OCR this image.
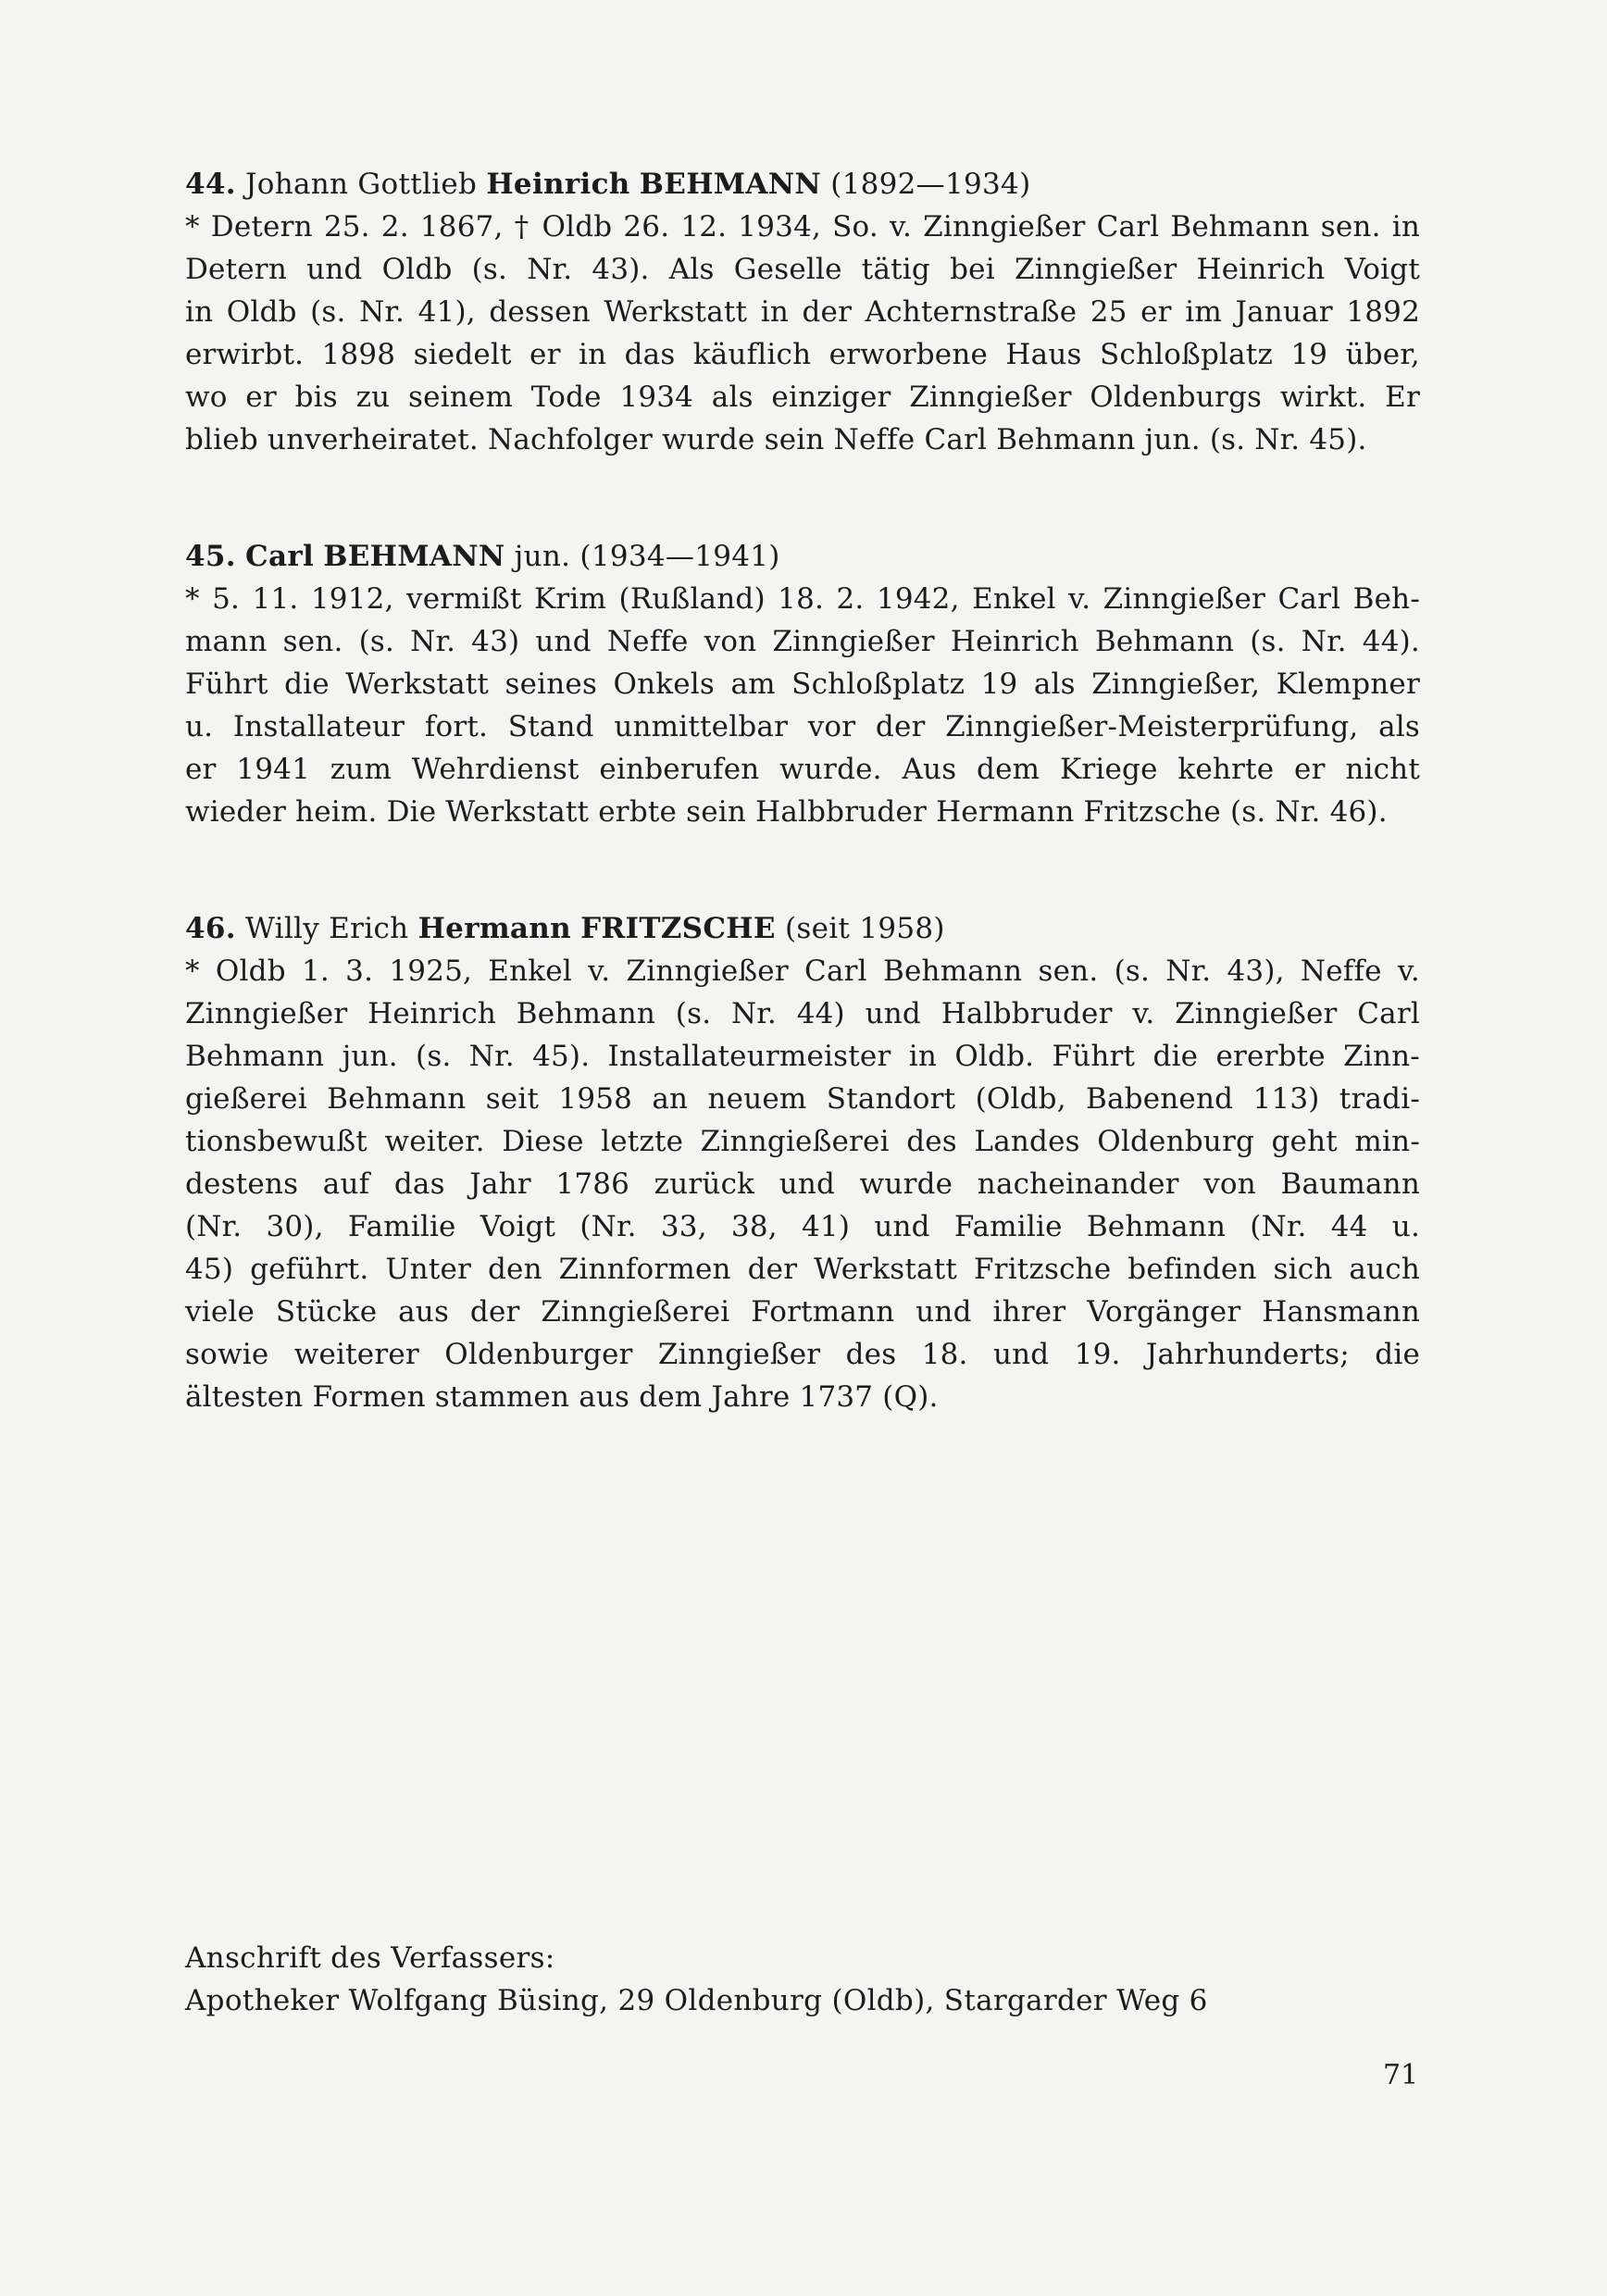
44. Johann Gottlieb Heinrich BEHMANN (1892—1934)
* Detern 25. 2. 1867, † Oldb 26. 12. 1934, So. v. Zinngießer Carl Behmann sen. in
Detern und Oldb (s. Nr. 43). Als Geselle tätig bei Zinngießer Heinrich Voigt
in Oldb (s. Nr. 41), dessen Werkstatt in der Achternstraße 25 er im Januar 1892
erwirbt. 1898 siedelt er in das käuflich erworbene Haus Schloßplatz 19 über,
wo er bis zu seinem Tode 1934 als einziger Zinngießer Oldenburgs wirkt. Er
blieb unverheiratet. Nachfolger wurde sein Neffe Carl Behmann jun. (s. Nr. 45).
45. Carl BEHMANN jun. (1934—1941)
* 5. 11. 1912, vermißt Krim (Rußland) 18. 2. 1942, Enkel v. Zinngießer Carl Beh-
mann sen. (s. Nr. 43) und Neffe von Zinngießer Heinrich Behmann (s. Nr. 44).
Führt die Werkstatt seines Onkels am Schloßplatz 19 als Zinngießer, Klempner
u. Installateur fort. Stand unmittelbar vor der Zinngießer-Meisterprüfung, als
er 1941 zum Wehrdienst einberufen wurde. Aus dem Kriege kehrte er nicht
wieder heim. Die Werkstatt erbte sein Halbbruder Hermann Fritzsche (s. Nr. 46).
46. Willy Erich Hermann FRITZSCHE (seit 1958)
* Oldb 1. 3. 1925, Enkel v. Zinngießer Carl Behmann sen. (s. Nr. 43), Neffe v.
Zinngießer Heinrich Behmann (s. Nr. 44) und Halbbruder v. Zinngießer Carl
Behmann jun. (s. Nr. 45). Installateurmeister in Oldb. Führt die ererbte Zinn-
gießerei Behmann seit 1958 an neuem Standort (Oldb, Babenend 113) tradi-
tionsbewußt weiter. Diese letzte Zinngießerei des Landes Oldenburg geht min-
destens auf das Jahr 1786 zurück und wurde nacheinander von Baumann
(Nr. 30), Familie Voigt (Nr. 33, 38, 41) und Familie Behmann (Nr. 44 u.
45) geführt. Unter den Zinnformen der Werkstatt Fritzsche befinden sich auch
viele Stücke aus der Zinngießerei Fortmann und ihrer Vorgänger Hansmann
sowie weiterer Oldenburger Zinngießer des 18. und 19. Jahrhunderts; die
ältesten Formen stammen aus dem Jahre 1737 (Q).
Anschrift des Verfassers:
Apotheker Wolfgang Büsing, 29 Oldenburg (Oldb), Stargarder Weg 6
71
